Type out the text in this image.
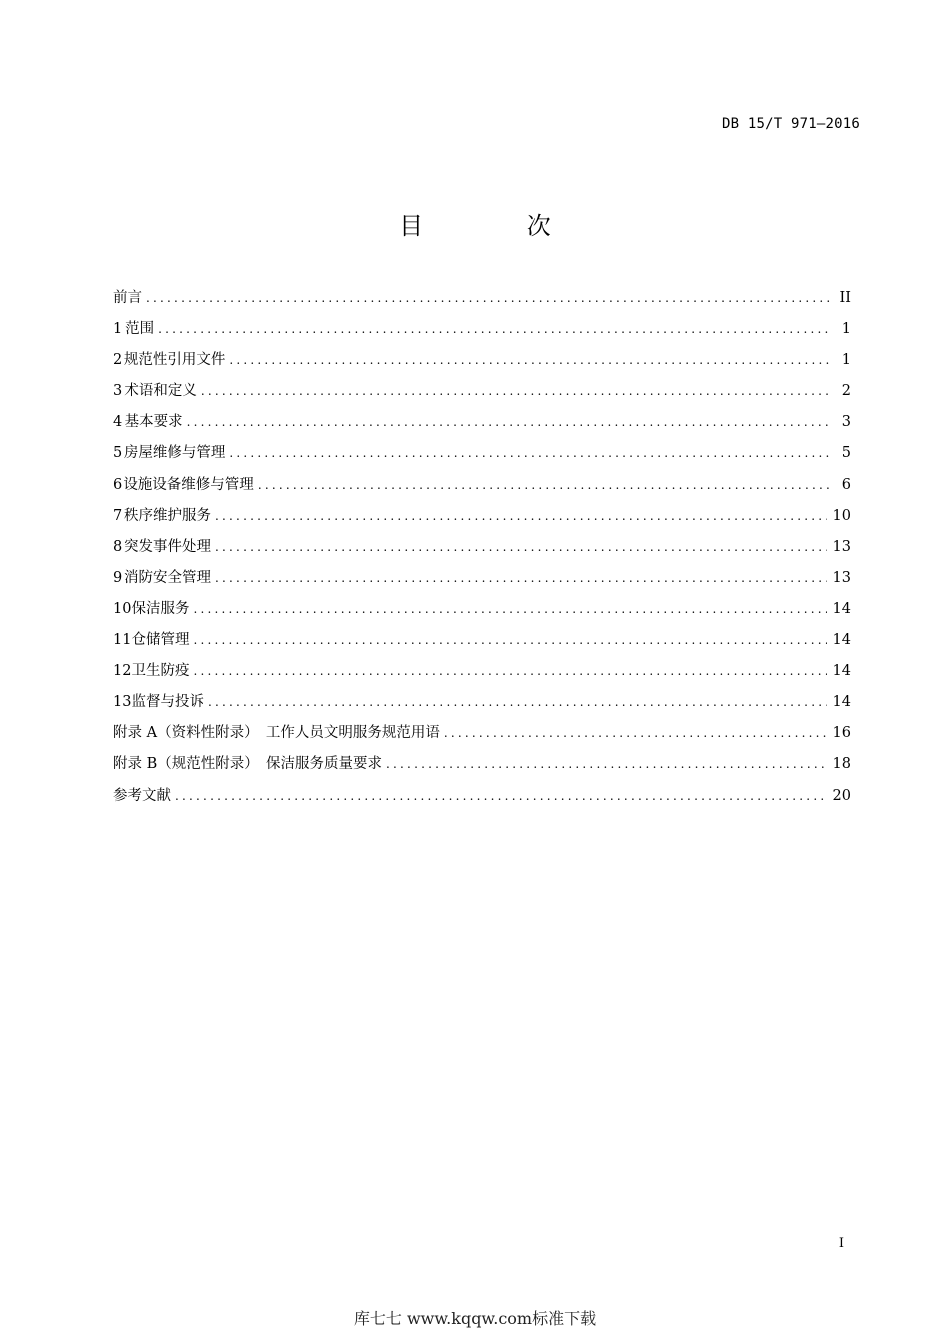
DB 15/T 971—2016
目 次
前言 .....	II
1 范围 .....	1
2 规范性引用文件 .....	1
3 术语和定义 .....	2
4 基本要求 .....	3
5 房屋维修与管理 .....	5
6 设施设备维修与管理 .....	6
7 秩序维护服务 .....	10
8 突发事件处理 .....	13
9 消防安全管理 .....	13
10 保洁服务 .....	14
11 仓储管理 .....	14
12 卫生防疫 .....	14
13 监督与投诉 .....	14
附录 A（资料性附录）　工作人员文明服务规范用语 .....	16
附录 B（规范性附录）　保洁服务质量要求 .....	18
参考文献 .....	20
I
库七七 www.kqqw.com标准下载
